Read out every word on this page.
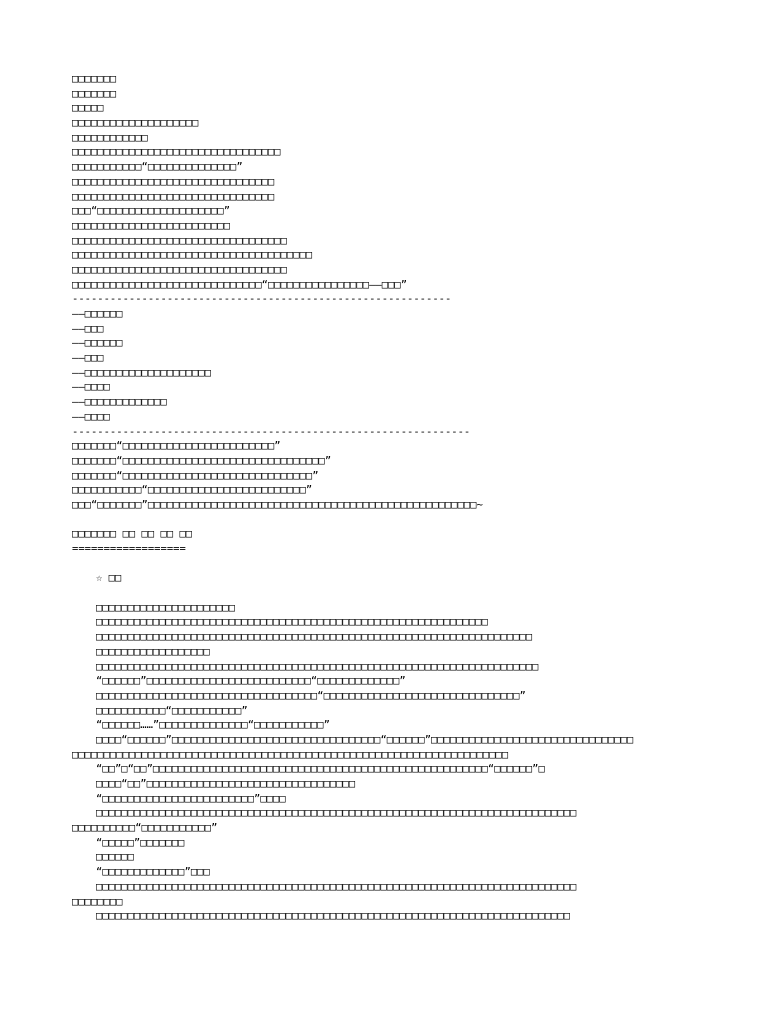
□□□□□□□
□□□□□□□
□□□□□
□□□□□□□□□□□□□□□□□□□□
□□□□□□□□□□□□
□□□□□□□□□□□□□□□□□□□□□□□□□□□□□□□□□
□□□□□□□□□□□“□□□□□□□□□□□□□□”
□□□□□□□□□□□□□□□□□□□□□□□□□□□□□□□□
□□□□□□□□□□□□□□□□□□□□□□□□□□□□□□□□
□□□“□□□□□□□□□□□□□□□□□□□□”
□□□□□□□□□□□□□□□□□□□□□□□□□
□□□□□□□□□□□□□□□□□□□□□□□□□□□□□□□□□□
□□□□□□□□□□□□□□□□□□□□□□□□□□□□□□□□□□□□□□
□□□□□□□□□□□□□□□□□□□□□□□□□□□□□□□□□□
□□□□□□□□□□□□□□□□□□□□□□□□□□□□□□“□□□□□□□□□□□□□□□□——□□□”
------------------------------------------------------------
——□□□□□□
——□□□
——□□□□□□
——□□□
——□□□□□□□□□□□□□□□□□□□□
——□□□□
——□□□□□□□□□□□□□
——□□□□
---------------------------------------------------------------
□□□□□□□“□□□□□□□□□□□□□□□□□□□□□□□□”
□□□□□□□“□□□□□□□□□□□□□□□□□□□□□□□□□□□□□□□□”
□□□□□□□“□□□□□□□□□□□□□□□□□□□□□□□□□□□□□□”
□□□□□□□□□□□“□□□□□□□□□□□□□□□□□□□□□□□□□”
□□□“□□□□□□□”□□□□□□□□□□□□□□□□□□□□□□□□□□□□□□□□□□□□□□□□□□□□□□□□□□□□~
□□□□□□□ □□ □□ □□ □□
==================
☆ □□
□□□□□□□□□□□□□□□□□□□□□□
□□□□□□□□□□□□□□□□□□□□□□□□□□□□□□□□□□□□□□□□□□□□□□□□□□□□□□□□□□□□□□
□□□□□□□□□□□□□□□□□□□□□□□□□□□□□□□□□□□□□□□□□□□□□□□□□□□□□□□□□□□□□□□□□□□□□
□□□□□□□□□□□□□□□□□□
□□□□□□□□□□□□□□□□□□□□□□□□□□□□□□□□□□□□□□□□□□□□□□□□□□□□□□□□□□□□□□□□□□□□□□
“□□□□□□”□□□□□□□□□□□□□□□□□□□□□□□□□□“□□□□□□□□□□□□□”
□□□□□□□□□□□□□□□□□□□□□□□□□□□□□□□□□□□“□□□□□□□□□□□□□□□□□□□□□□□□□□□□□□□”
□□□□□□□□□□□“□□□□□□□□□□□”
“□□□□□□……”□□□□□□□□□□□□□□“□□□□□□□□□□□”
□□□□“□□□□□□”□□□□□□□□□□□□□□□□□□□□□□□□□□□□□□□□□“□□□□□□”□□□□□□□□□□□□□□□□□□□□□□□□□□□□□□□□
□□□□□□□□□□□□□□□□□□□□□□□□□□□□□□□□□□□□□□□□□□□□□□□□□□□□□□□□□□□□□□□□□□□□□
“□□”□“□□”□□□□□□□□□□□□□□□□□□□□□□□□□□□□□□□□□□□□□□□□□□□□□□□□□□□□□“□□□□□□”□
□□□□“□□”□□□□□□□□□□□□□□□□□□□□□□□□□□□□□□□□□
“□□□□□□□□□□□□□□□□□□□□□□□□”□□□□
□□□□□□□□□□□□□□□□□□□□□□□□□□□□□□□□□□□□□□□□□□□□□□□□□□□□□□□□□□□□□□□□□□□□□□□□□□□□
□□□□□□□□□□“□□□□□□□□□□□”
“□□□□□”□□□□□□□
□□□□□□
“□□□□□□□□□□□□□”□□□
□□□□□□□□□□□□□□□□□□□□□□□□□□□□□□□□□□□□□□□□□□□□□□□□□□□□□□□□□□□□□□□□□□□□□□□□□□□□
□□□□□□□□
□□□□□□□□□□□□□□□□□□□□□□□□□□□□□□□□□□□□□□□□□□□□□□□□□□□□□□□□□□□□□□□□□□□□□□□□□□□
